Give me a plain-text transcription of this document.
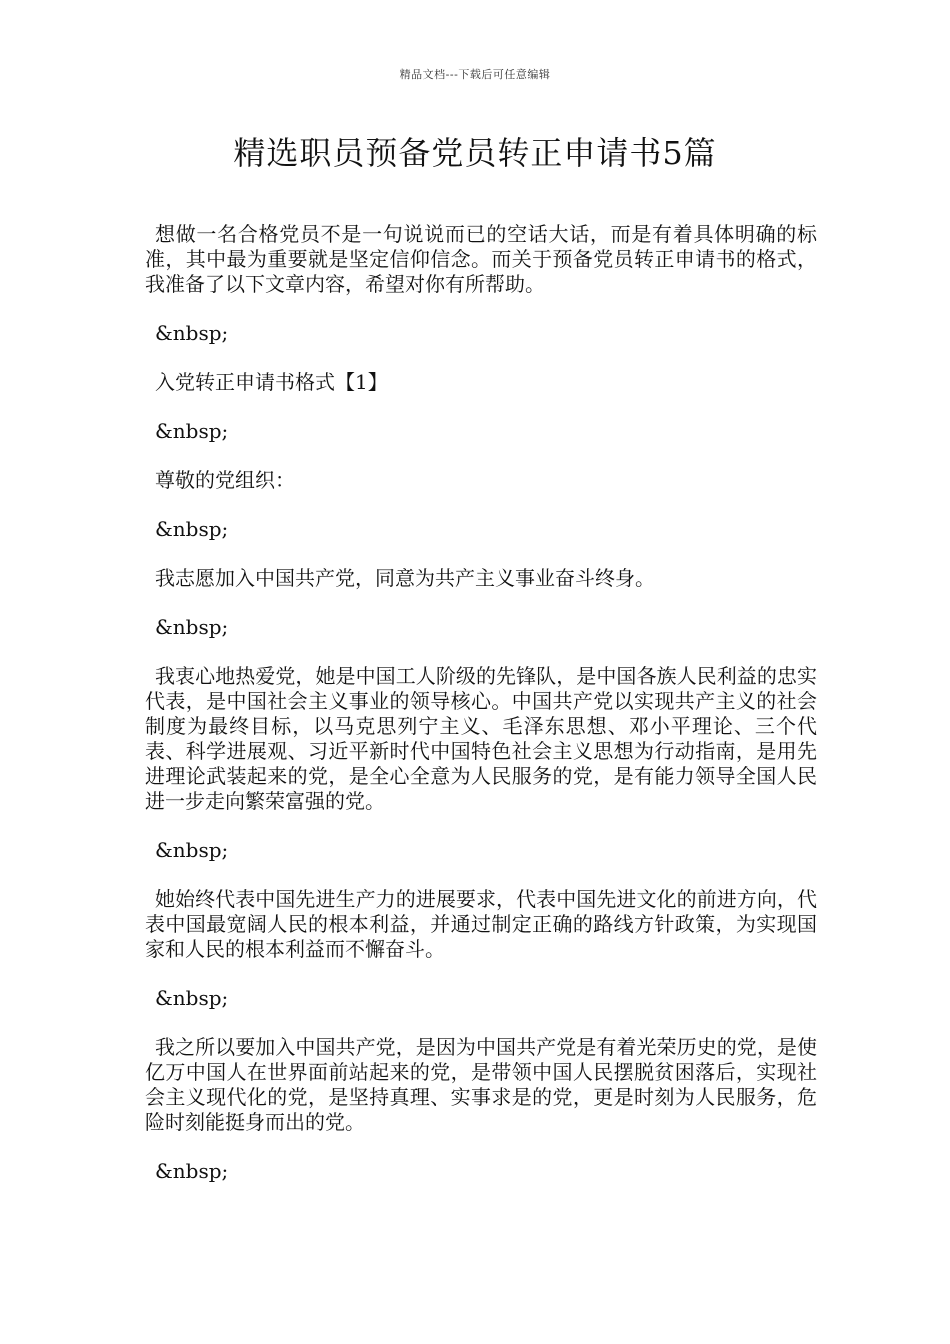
精品文档---下载后可任意编辑
精选职员预备党员转正申请书5篇

想做一名合格党员不是一句说说而已的空话大话，而是有着具体明确的标准，其中最为重要就是坚定信仰信念。而关于预备党员转正申请书的格式，我准备了以下文章内容，希望对你有所帮助。

&nbsp;

入党转正申请书格式【1】

&nbsp;

尊敬的党组织：

&nbsp;

我志愿加入中国共产党，同意为共产主义事业奋斗终身。

&nbsp;

我衷心地热爱党，她是中国工人阶级的先锋队，是中国各族人民利益的忠实代表，是中国社会主义事业的领导核心。中国共产党以实现共产主义的社会制度为最终目标，以马克思列宁主义、毛泽东思想、邓小平理论、三个代表、科学进展观、习近平新时代中国特色社会主义思想为行动指南，是用先进理论武装起来的党，是全心全意为人民服务的党，是有能力领导全国人民进一步走向繁荣富强的党。

&nbsp;

她始终代表中国先进生产力的进展要求，代表中国先进文化的前进方向，代表中国最宽阔人民的根本利益，并通过制定正确的路线方针政策，为实现国家和人民的根本利益而不懈奋斗。

&nbsp;

我之所以要加入中国共产党，是因为中国共产党是有着光荣历史的党，是使亿万中国人在世界面前站起来的党，是带领中国人民摆脱贫困落后，实现社会主义现代化的党，是坚持真理、实事求是的党，更是时刻为人民服务，危险时刻能挺身而出的党。

&nbsp;
